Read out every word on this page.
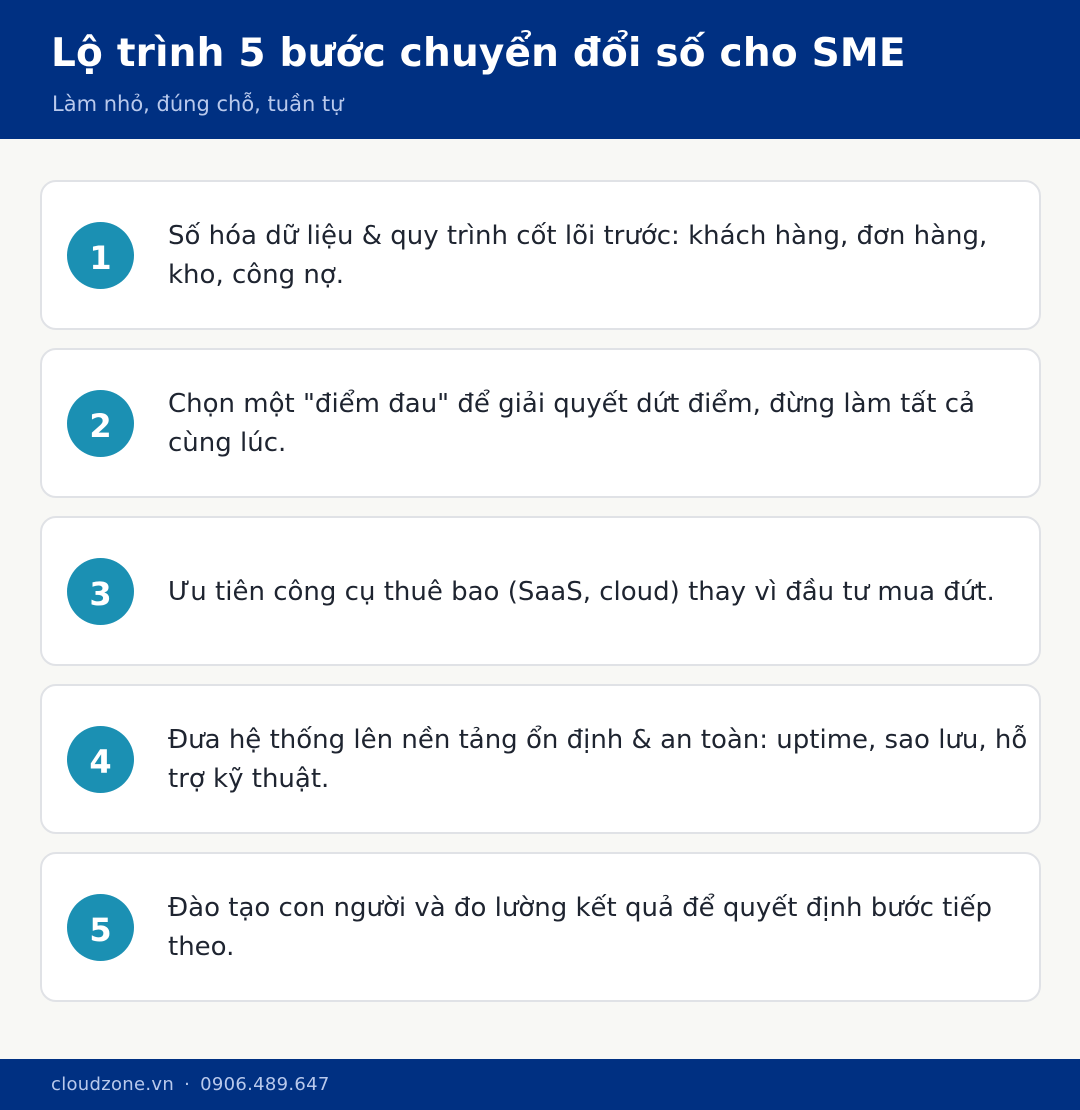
Lộ trình 5 bước chuyển đổi số cho SME
Làm nhỏ, đúng chỗ, tuần tự
1
Số hóa dữ liệu & quy trình cốt lõi trước: khách hàng, đơn hàng, kho, công nợ.
2
Chọn một "điểm đau" để giải quyết dứt điểm, đừng làm tất cả cùng lúc.
3	Ưu tiên công cụ thuê bao (SaaS, cloud) thay vì đầu tư mua đứt.
4
Đưa hệ thống lên nền tảng ổn định & an toàn: uptime, sao lưu, hỗ trợ kỹ thuật.
5
Đào tạo con người và đo lường kết quả để quyết định bước tiếp theo.
cloudzone.vn · 0906.489.647
